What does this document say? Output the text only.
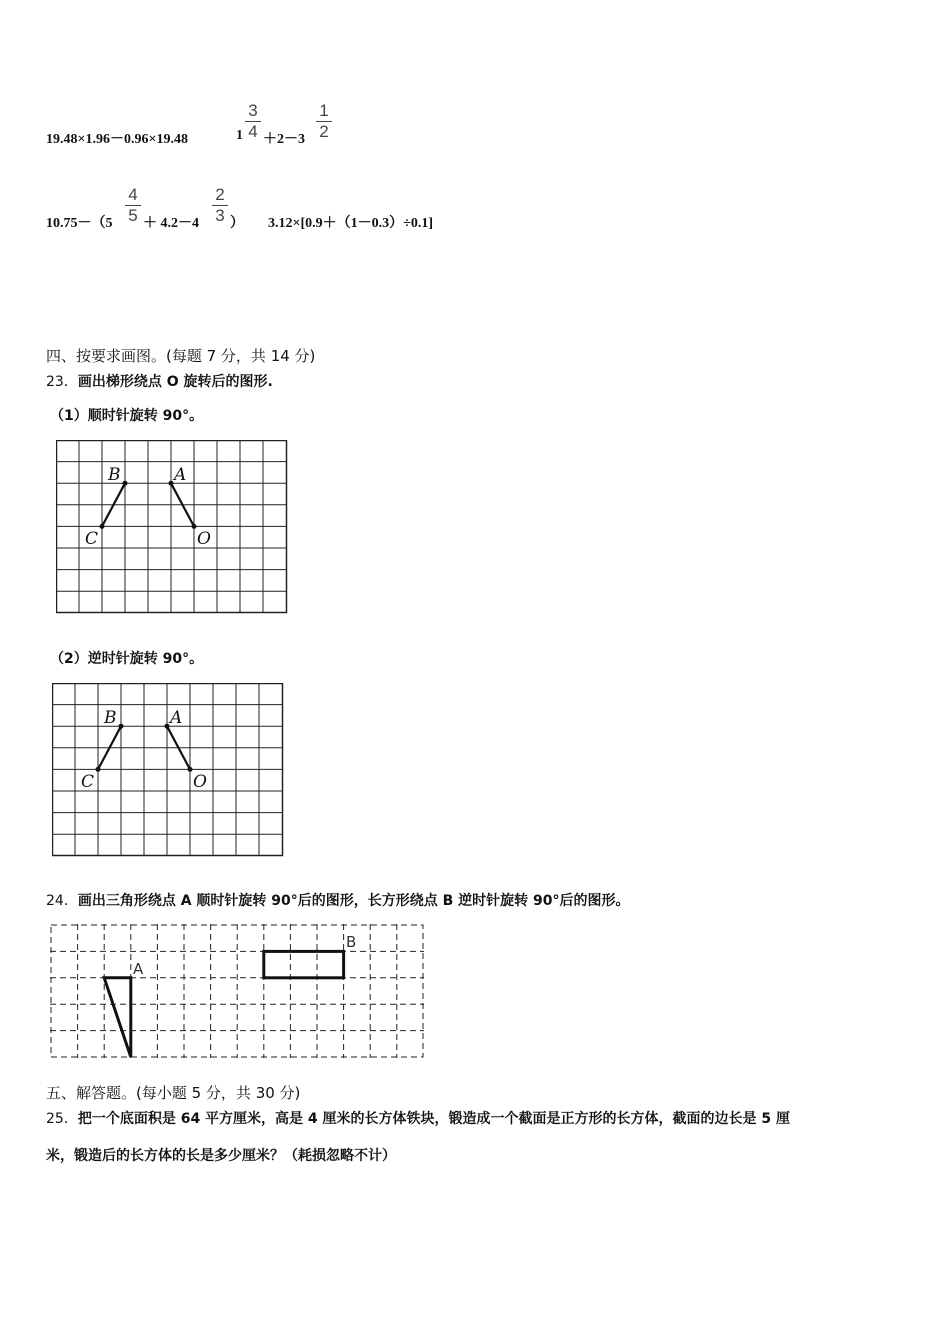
19.48×1.96－0.96×19.48	1
3
4 ＋2－3
1
2
10.75－（5
4
5 ＋ 4.2－4
2
3 ） 3.12×[0.9＋（1－0.3）÷0.1]
四、按要求画图。(每题 7 分，共 14 分)
23．画出梯形绕点 O 旋转后的图形.
（1）顺时针旋转 90°。
B	A
C	O
（2）逆时针旋转 90°。
B	A
C	O
24．画出三角形绕点 A 顺时针旋转 90°后的图形，长方形绕点 B 逆时针旋转 90°后的图形。
A
B
五、解答题。(每小题 5 分，共 30 分)
25．把一个底面积是 64 平方厘米，高是 4 厘米的长方体铁块，锻造成一个截面是正方形的长方体，截面的边长是 5 厘
米，锻造后的长方体的长是多少厘米？（耗损忽略不计）
